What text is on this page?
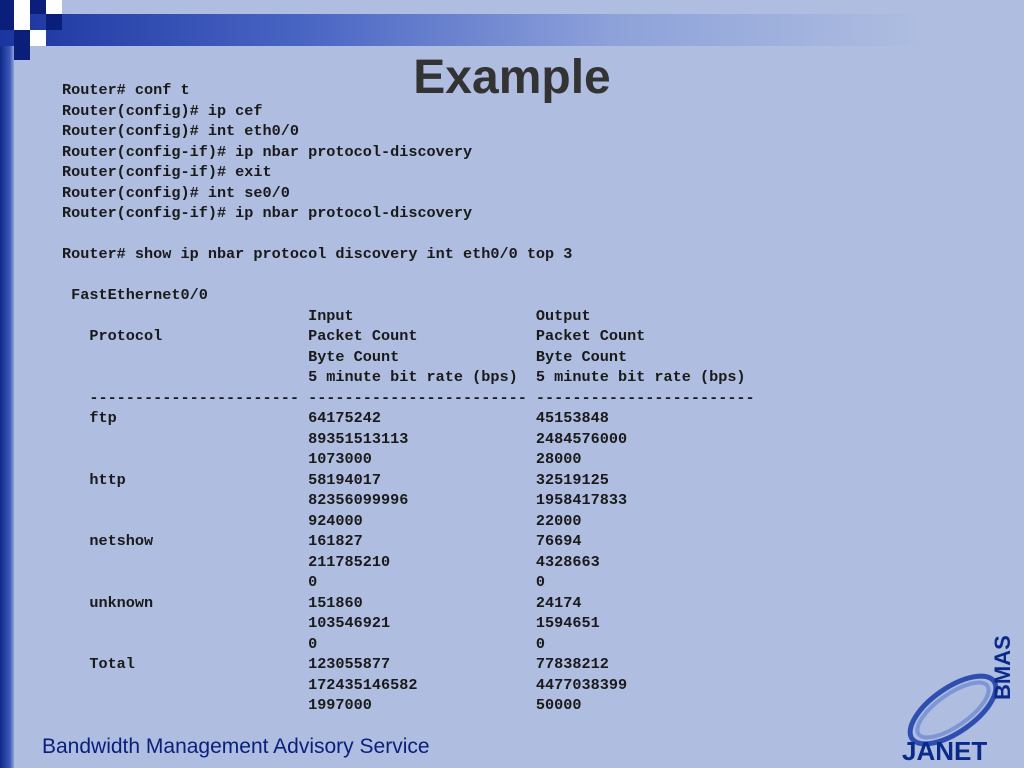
Example
Router# conf t
Router(config)# ip cef
Router(config)# int eth0/0
Router(config-if)# ip nbar protocol-discovery
Router(config-if)# exit
Router(config)# int se0/0
Router(config-if)# ip nbar protocol-discovery

Router# show ip nbar protocol discovery int eth0/0 top 3

FastEthernet0/0
Input                    Output
Protocol                Packet Count             Packet Count
Byte Count               Byte Count
5 minute bit rate (bps)  5 minute bit rate (bps)
----------------------- ------------------------ ------------------------
ftp                     64175242                 45153848
89351513113              2484576000
1073000                  28000
http                    58194017                 32519125
82356099996              1958417833
924000                   22000
netshow                 161827                   76694
211785210                4328663
0                        0
unknown                 151860                   24174
103546921                1594651
0                        0
Total                   123055877                77838212
172435146582             4477038399
1997000                  50000

Bandwidth Management Advisory Service	JANET
BMAS
